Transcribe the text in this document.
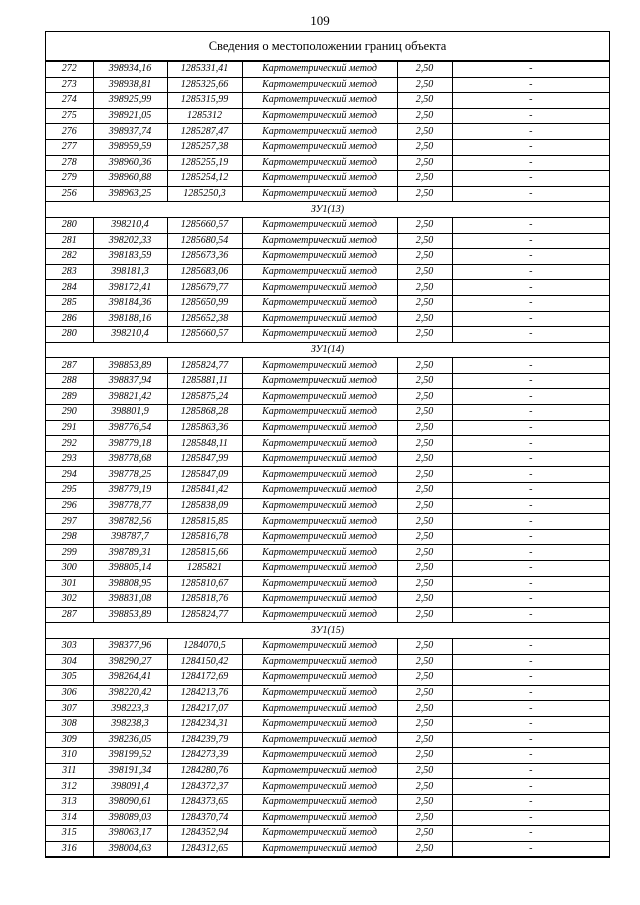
109
Сведения о местоположении границ объекта
272	398934,16	1285331,41	Картометрический метод	2,50	-
273	398938,81	1285325,66	Картометрический метод	2,50	-
274	398925,99	1285315,99	Картометрический метод	2,50	-
275	398921,05	1285312	Картометрический метод	2,50	-
276	398937,74	1285287,47	Картометрический метод	2,50	-
277	398959,59	1285257,38	Картометрический метод	2,50	-
278	398960,36	1285255,19	Картометрический метод	2,50	-
279	398960,88	1285254,12	Картометрический метод	2,50	-
256	398963,25	1285250,3	Картометрический метод	2,50	-
ЗУ1(13)					
280	398210,4	1285660,57	Картометрический метод	2,50	-
281	398202,33	1285680,54	Картометрический метод	2,50	-
282	398183,59	1285673,36	Картометрический метод	2,50	-
283	398181,3	1285683,06	Картометрический метод	2,50	-
284	398172,41	1285679,77	Картометрический метод	2,50	-
285	398184,36	1285650,99	Картометрический метод	2,50	-
286	398188,16	1285652,38	Картометрический метод	2,50	-
280	398210,4	1285660,57	Картометрический метод	2,50	-
ЗУ1(14)					
287	398853,89	1285824,77	Картометрический метод	2,50	-
288	398837,94	1285881,11	Картометрический метод	2,50	-
289	398821,42	1285875,24	Картометрический метод	2,50	-
290	398801,9	1285868,28	Картометрический метод	2,50	-
291	398776,54	1285863,36	Картометрический метод	2,50	-
292	398779,18	1285848,11	Картометрический метод	2,50	-
293	398778,68	1285847,99	Картометрический метод	2,50	-
294	398778,25	1285847,09	Картометрический метод	2,50	-
295	398779,19	1285841,42	Картометрический метод	2,50	-
296	398778,77	1285838,09	Картометрический метод	2,50	-
297	398782,56	1285815,85	Картометрический метод	2,50	-
298	398787,7	1285816,78	Картометрический метод	2,50	-
299	398789,31	1285815,66	Картометрический метод	2,50	-
300	398805,14	1285821	Картометрический метод	2,50	-
301	398808,95	1285810,67	Картометрический метод	2,50	-
302	398831,08	1285818,76	Картометрический метод	2,50	-
287	398853,89	1285824,77	Картометрический метод	2,50	-
ЗУ1(15)					
303	398377,96	1284070,5	Картометрический метод	2,50	-
304	398290,27	1284150,42	Картометрический метод	2,50	-
305	398264,41	1284172,69	Картометрический метод	2,50	-
306	398220,42	1284213,76	Картометрический метод	2,50	-
307	398223,3	1284217,07	Картометрический метод	2,50	-
308	398238,3	1284234,31	Картометрический метод	2,50	-
309	398236,05	1284239,79	Картометрический метод	2,50	-
310	398199,52	1284273,39	Картометрический метод	2,50	-
311	398191,34	1284280,76	Картометрический метод	2,50	-
312	398091,4	1284372,37	Картометрический метод	2,50	-
313	398090,61	1284373,65	Картометрический метод	2,50	-
314	398089,03	1284370,74	Картометрический метод	2,50	-
315	398063,17	1284352,94	Картометрический метод	2,50	-
316	398004,63	1284312,65	Картометрический метод	2,50	-
